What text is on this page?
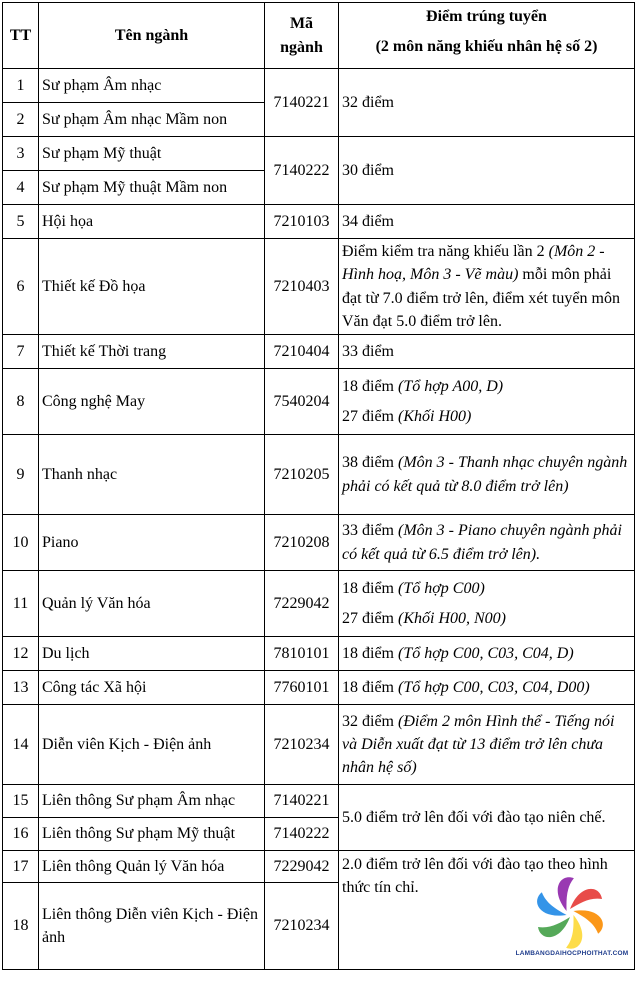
TT	Tên ngành	Mã
ngành	Điểm trúng tuyển
(2 môn năng khiếu nhân hệ số 2)
1	Sư phạm Âm nhạc	7140221	32 điểm
2	Sư phạm Âm nhạc Mầm non		
3	Sư phạm Mỹ thuật	7140222	30 điểm
4	Sư phạm Mỹ thuật Mầm non		
5	Hội họa	7210103	34 điểm
6	Thiết kế Đồ họa	7210403	Điểm kiểm tra năng khiếu lần 2 (Môn 2 - Hình hoạ, Môn 3 - Vẽ màu) mỗi môn phải đạt từ 7.0 điểm trở lên, điểm xét tuyển môn Văn đạt 5.0 điểm trở lên.
7	Thiết kế Thời trang	7210404	33 điểm
8	Công nghệ May	7540204	18 điểm (Tổ hợp A00, D)
27 điểm (Khối H00)

9	Thanh nhạc	7210205	38 điểm (Môn 3 - Thanh nhạc chuyên ngành phải có kết quả từ 8.0 điểm trở lên)
10	Piano	7210208	33 điểm (Môn 3 - Piano chuyên ngành phải có kết quả từ 6.5 điểm trở lên).
11	Quản lý Văn hóa	7229042	18 điểm (Tổ hợp C00)
27 điểm (Khối H00, N00)

12	Du lịch	7810101	18 điểm (Tổ hợp C00, C03, C04, D)
13	Công tác Xã hội	7760101	18 điểm (Tổ hợp C00, C03, C04, D00)
14	Diễn viên Kịch - Điện ảnh	7210234	32 điểm (Điểm 2 môn Hình thể - Tiếng nói và Diễn xuất đạt từ 13 điểm trở lên chưa nhân hệ số)
15	Liên thông Sư phạm Âm nhạc	7140221	5.0 điểm trở lên đối với đào tạo niên chế.
16	Liên thông Sư phạm Mỹ thuật	7140222	
17	Liên thông Quản lý Văn hóa	7229042	2.0 điểm trở lên đối với đào tạo theo hình thức tín chỉ.
18	Liên thông Diễn viên Kịch - Điện ảnh	7210234	
LAMBANGDAIHOCPHOITHAT.COM
